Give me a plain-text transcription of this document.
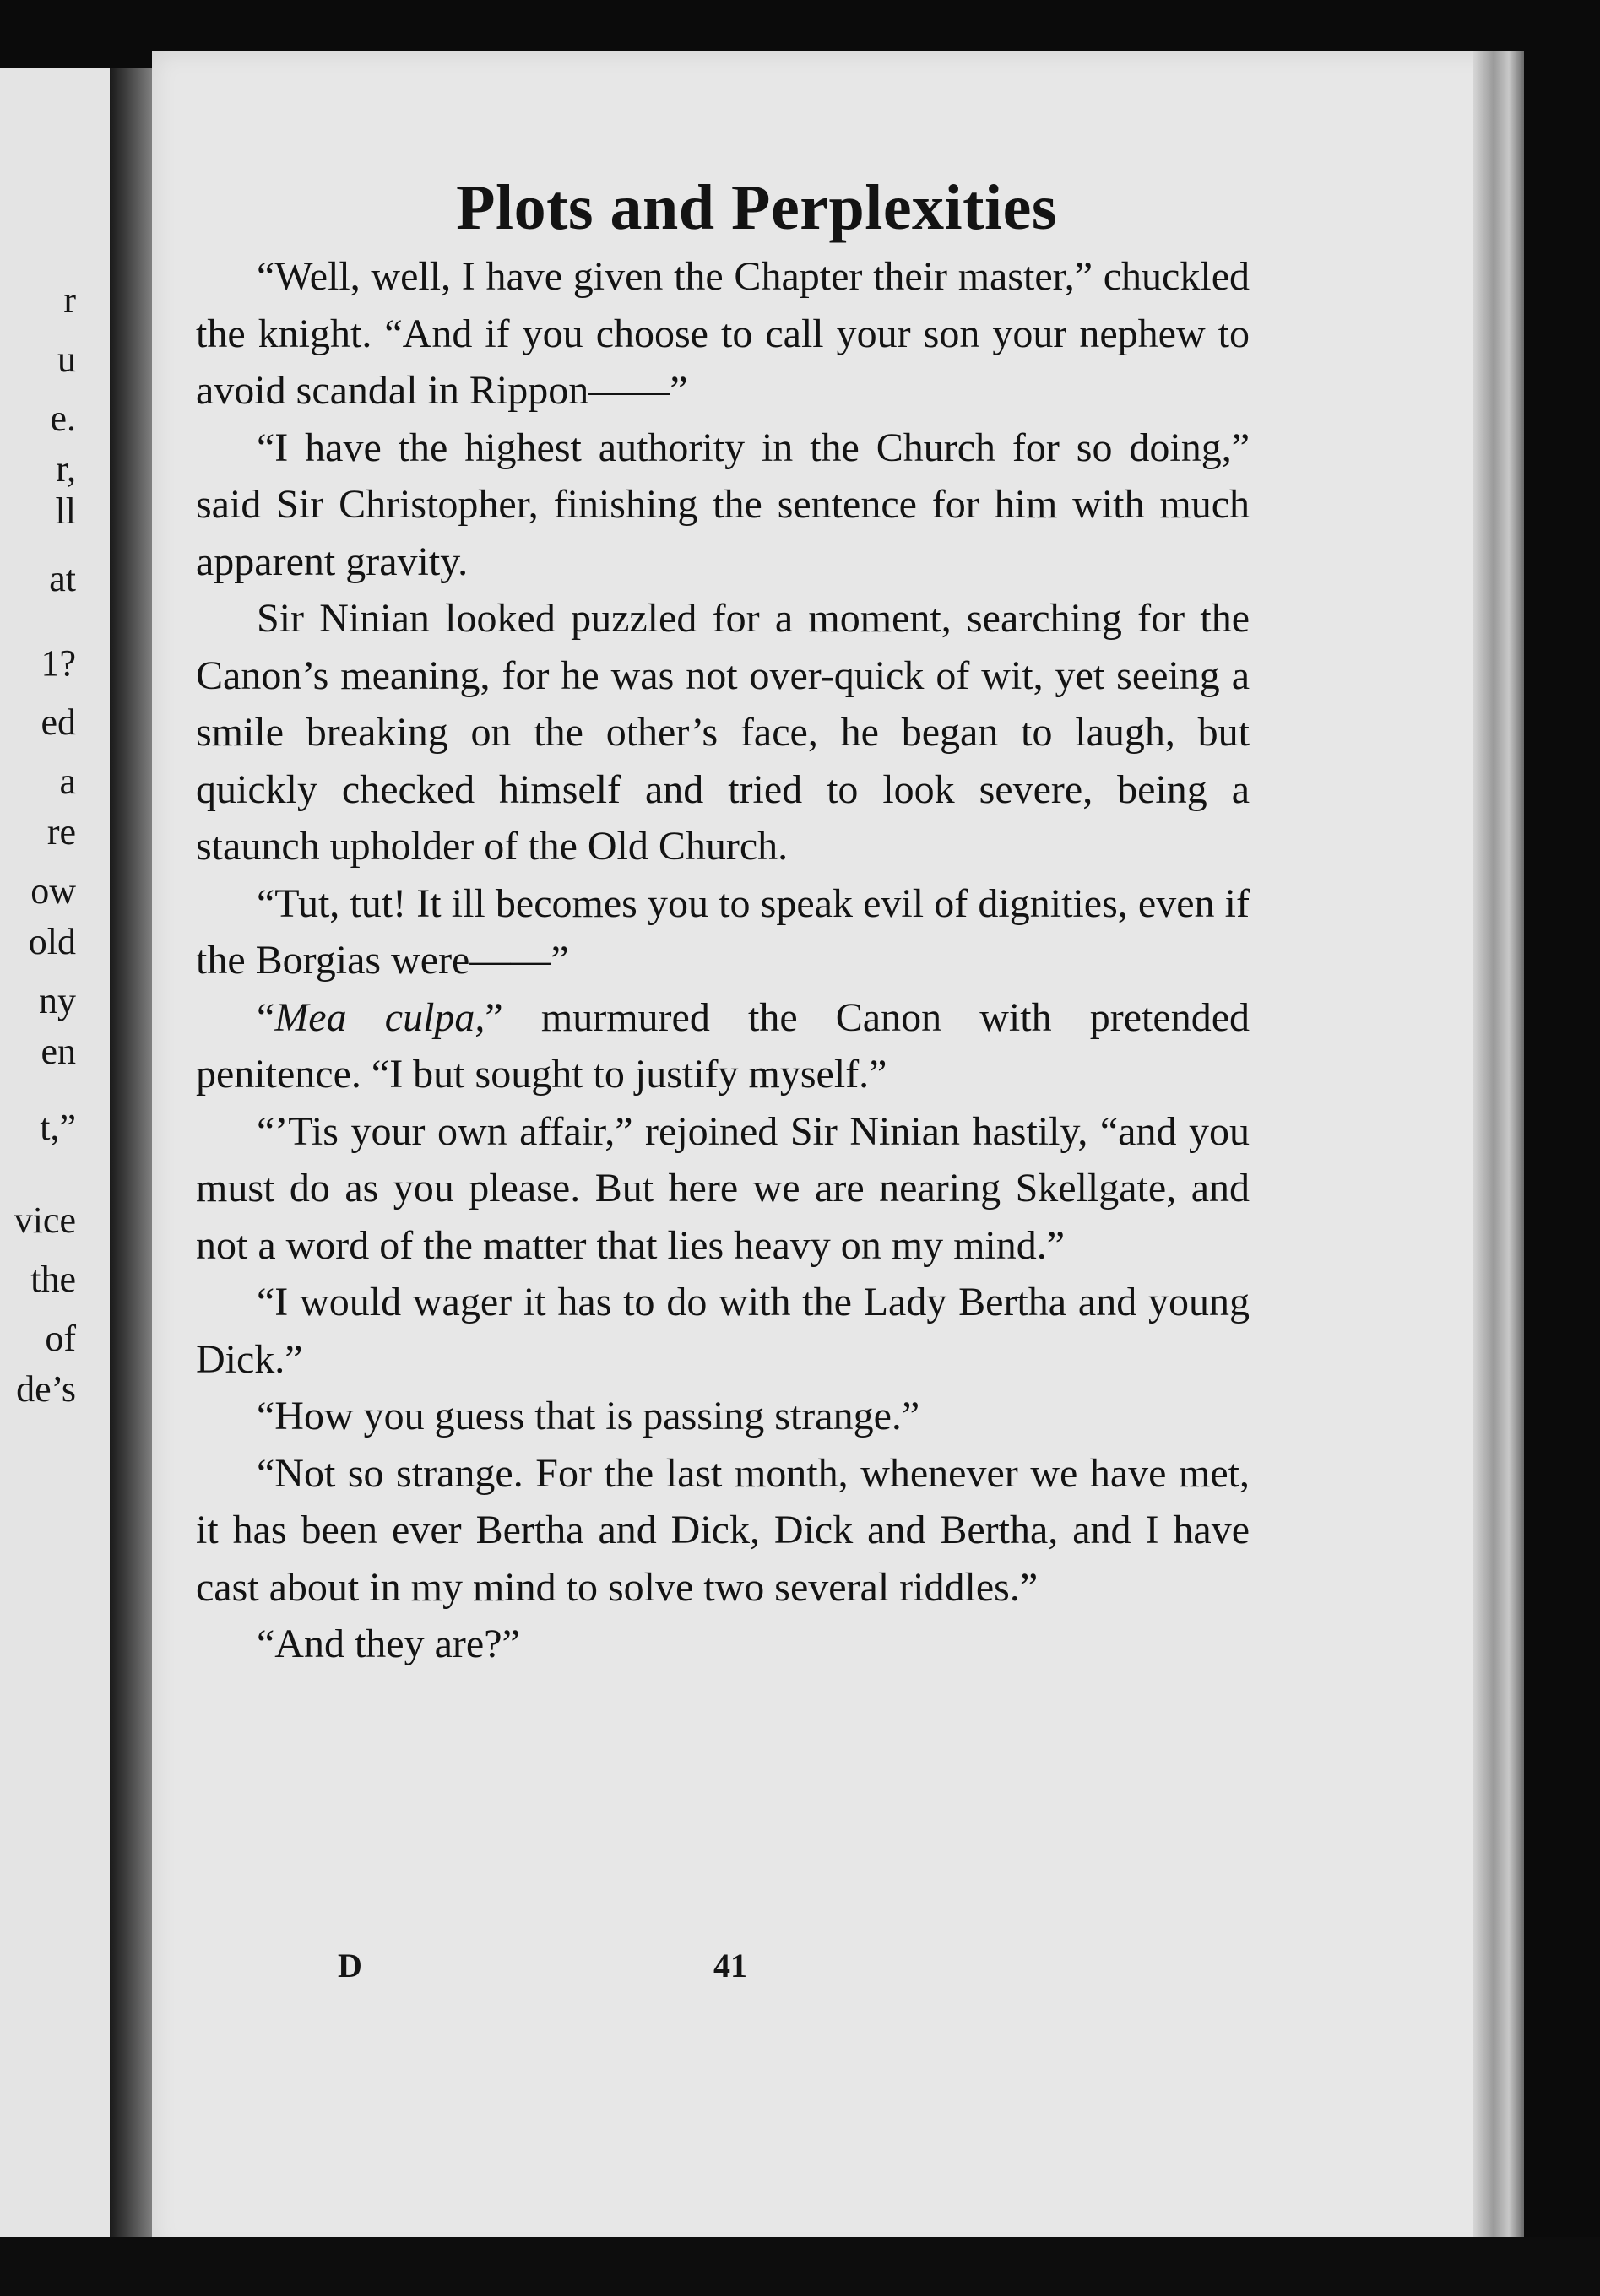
r
u
e.
r,
ll
at
1?
ed
a
re
ow
old
ny
en
t,”
vice
the
of
de’s
Plots and Perplexities

“Well, well, I have given the Chapter their master,” chuckled the knight. “And if you choose to call your son your nephew to avoid scandal in Rippon——”

“I have the highest authority in the Church for so doing,” said Sir Christopher, finishing the sentence for him with much apparent gravity.

Sir Ninian looked puzzled for a moment, searching for the Canon’s meaning, for he was not over-quick of wit, yet seeing a smile breaking on the other’s face, he began to laugh, but quickly checked himself and tried to look severe, being a staunch upholder of the Old Church.

“Tut, tut! It ill becomes you to speak evil of dignities, even if the Borgias were——”

“Mea culpa,” murmured the Canon with pretended penitence. “I but sought to justify myself.”

“’Tis your own affair,” rejoined Sir Ninian hastily, “and you must do as you please. But here we are nearing Skellgate, and not a word of the matter that lies heavy on my mind.”

“I would wager it has to do with the Lady Bertha and young Dick.”

“How you guess that is passing strange.”

“Not so strange. For the last month, whenever we have met, it has been ever Bertha and Dick, Dick and Bertha, and I have cast about in my mind to solve two several riddles.”

“And they are?”

D	41
